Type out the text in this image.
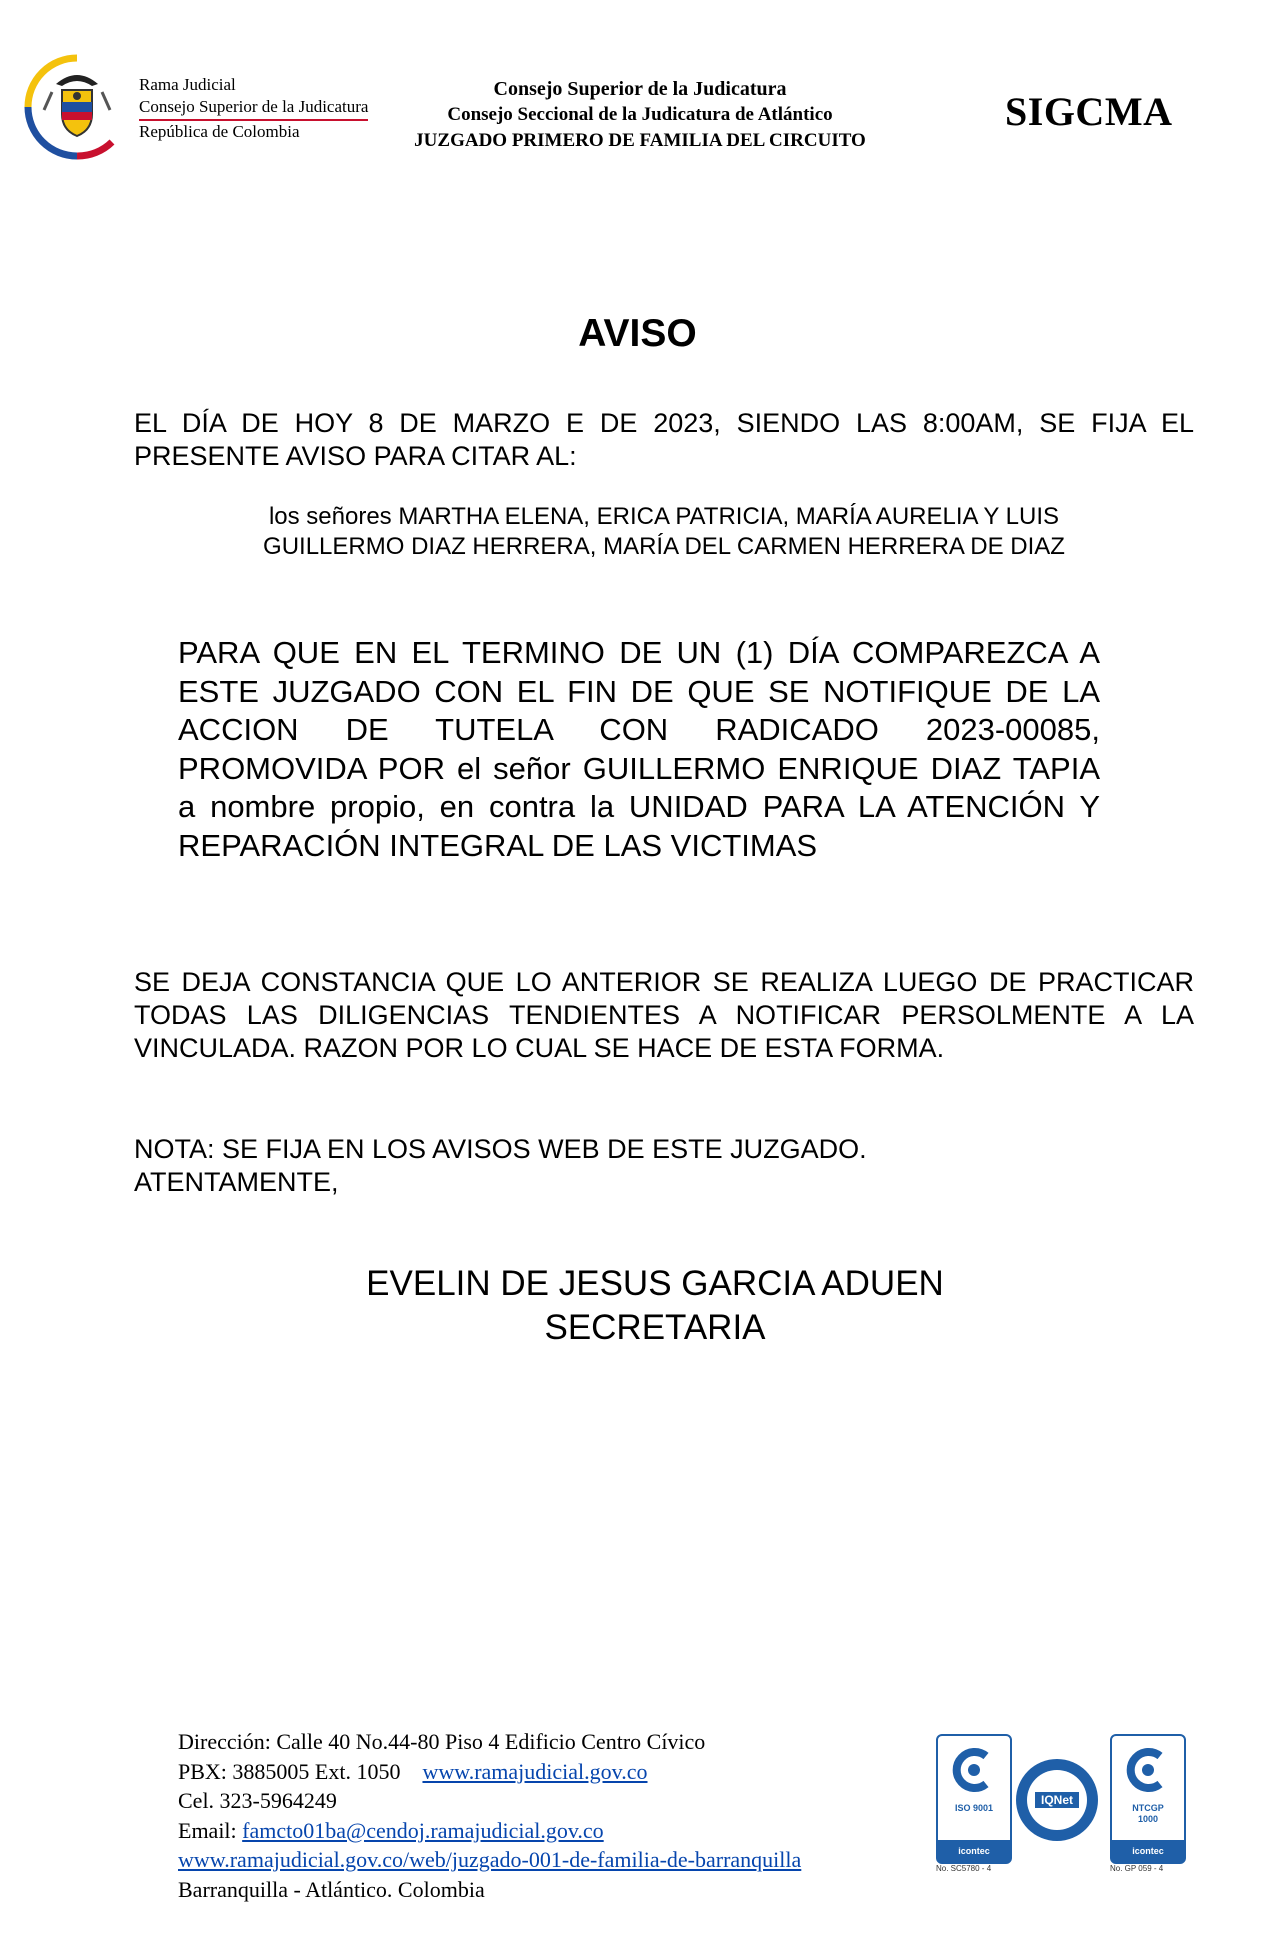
Rama Judicial
Consejo Superior de la Judicatura
República de Colombia
Consejo Superior de la Judicatura
Consejo Seccional de la Judicatura de Atlántico
JUZGADO PRIMERO DE FAMILIA DEL CIRCUITO
SIGCMA
AVISO
EL DÍA DE HOY 8 DE MARZO E DE 2023, SIENDO LAS 8:00AM, SE FIJA EL PRESENTE AVISO PARA CITAR AL:
los señores MARTHA ELENA, ERICA PATRICIA, MARÍA AURELIA Y LUIS
GUILLERMO DIAZ HERRERA, MARÍA DEL CARMEN HERRERA DE DIAZ
PARA QUE EN EL TERMINO DE UN (1) DÍA COMPAREZCA A ESTE JUZGADO CON EL FIN DE QUE SE NOTIFIQUE DE LA ACCION DE TUTELA CON RADICADO 2023-00085, PROMOVIDA POR el señor GUILLERMO ENRIQUE DIAZ TAPIA a nombre propio, en contra la UNIDAD PARA LA ATENCIÓN Y REPARACIÓN INTEGRAL DE LAS VICTIMAS
SE DEJA CONSTANCIA QUE LO ANTERIOR SE REALIZA LUEGO DE PRACTICAR TODAS LAS DILIGENCIAS TENDIENTES A NOTIFICAR PERSOLMENTE A LA VINCULADA. RAZON POR LO CUAL SE HACE DE ESTA FORMA.
NOTA: SE FIJA EN LOS AVISOS WEB DE ESTE JUZGADO.
ATENTAMENTE,
EVELIN DE JESUS GARCIA ADUEN
SECRETARIA
Dirección: Calle 40 No.44-80 Piso 4 Edificio Centro Cívico
PBX: 3885005 Ext. 1050 www.ramajudicial.gov.co
Cel. 323-5964249
Email: famcto01ba@cendoj.ramajudicial.gov.co
www.ramajudicial.gov.co/web/juzgado-001-de-familia-de-barranquilla
Barranquilla - Atlántico. Colombia
ISO 9001
icontec
No. SC5780 - 4
IQNet
NTCGP
1000
icontec
No. GP 059 - 4
